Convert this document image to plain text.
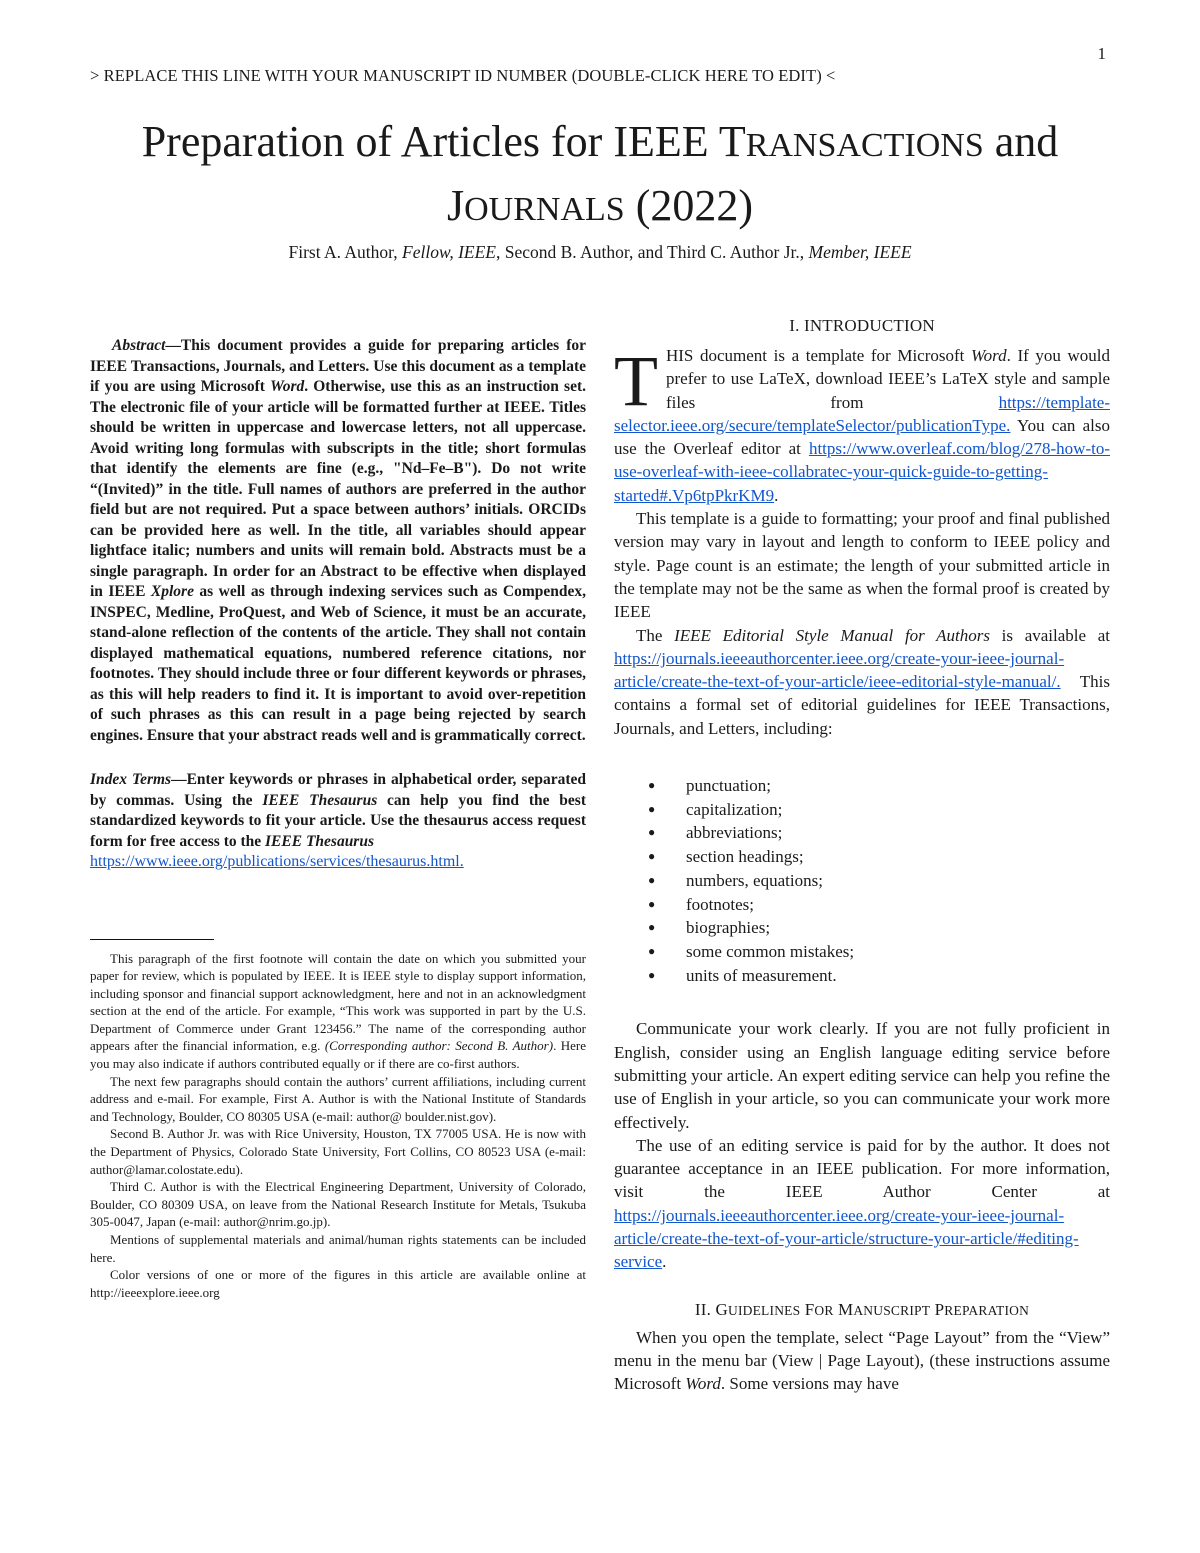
1
> REPLACE THIS LINE WITH YOUR MANUSCRIPT ID NUMBER (DOUBLE-CLICK HERE TO EDIT) <
Preparation of Articles for IEEE TRANSACTIONS and
JOURNALS (2022)
First A. Author, Fellow, IEEE, Second B. Author, and Third C. Author Jr., Member, IEEE

Abstract—This document provides a guide for preparing articles for IEEE Transactions, Journals, and Letters. Use this document as a template if you are using Microsoft Word. Otherwise, use this as an instruction set. The electronic file of your article will be formatted further at IEEE. Titles should be written in uppercase and lowercase letters, not all uppercase. Avoid writing long formulas with subscripts in the title; short formulas that identify the elements are fine (e.g., "Nd–Fe–B"). Do not write “(Invited)” in the title. Full names of authors are preferred in the author field but are not required. Put a space between authors’ initials. ORCIDs can be provided here as well. In the title, all variables should appear lightface italic; numbers and units will remain bold. Abstracts must be a single paragraph. In order for an Abstract to be effective when displayed in IEEE Xplore as well as through indexing services such as Compendex, INSPEC, Medline, ProQuest, and Web of Science, it must be an accurate, stand-alone reflection of the contents of the article. They shall not contain displayed mathematical equations, numbered reference citations, nor footnotes. They should include three or four different keywords or phrases, as this will help readers to find it. It is important to avoid over-repetition of such phrases as this can result in a page being rejected by search engines. Ensure that your abstract reads well and is grammatically correct.

Index Terms—Enter keywords or phrases in alphabetical order, separated by commas. Using the IEEE Thesaurus can help you find the best standardized keywords to fit your article. Use the thesaurus access request form for free access to the IEEE Thesaurus
https://www.ieee.org/publications/services/thesaurus.html.

This paragraph of the first footnote will contain the date on which you submitted your paper for review, which is populated by IEEE. It is IEEE style to display support information, including sponsor and financial support acknowledgment, here and not in an acknowledgment section at the end of the article. For example, “This work was supported in part by the U.S. Department of Commerce under Grant 123456.” The name of the corresponding author appears after the financial information, e.g. (Corresponding author: Second B. Author). Here you may also indicate if authors contributed equally or if there are co-first authors.

The next few paragraphs should contain the authors’ current affiliations, including current address and e-mail. For example, First A. Author is with the National Institute of Standards and Technology, Boulder, CO 80305 USA (e-mail: author@ boulder.nist.gov).

Second B. Author Jr. was with Rice University, Houston, TX 77005 USA. He is now with the Department of Physics, Colorado State University, Fort Collins, CO 80523 USA (e-mail: author@lamar.colostate.edu).

Third C. Author is with the Electrical Engineering Department, University of Colorado, Boulder, CO 80309 USA, on leave from the National Research Institute for Metals, Tsukuba 305-0047, Japan (e-mail: author@nrim.go.jp).

Mentions of supplemental materials and animal/human rights statements can be included here.

Color versions of one or more of the figures in this article are available online at http://ieeexplore.ieee.org

I. INTRODUCTION

THIS document is a template for Microsoft Word. If you would prefer to use LaTeX, download IEEE’s LaTeX style and sample files from https://template-selector.ieee.org/secure/templateSelector/publicationType. You can also use the Overleaf editor at https://www.overleaf.com/blog/278-how-to-use-overleaf-with-ieee-collabratec-your-quick-guide-to-getting-started#.Vp6tpPkrKM9.

This template is a guide to formatting; your proof and final published version may vary in layout and length to conform to IEEE policy and style. Page count is an estimate; the length of your submitted article in the template may not be the same as when the formal proof is created by IEEE

The IEEE Editorial Style Manual for Authors is available at https://journals.ieeeauthorcenter.ieee.org/create-your-ieee-journal-article/create-the-text-of-your-article/ieee-editorial-style-manual/. This contains a formal set of editorial guidelines for IEEE Transactions, Journals, and Letters, including:

● punctuation;
● capitalization;
● abbreviations;
● section headings;
● numbers, equations;
● footnotes;
● biographies;
● some common mistakes;
● units of measurement.

Communicate your work clearly. If you are not fully proficient in English, consider using an English language editing service before submitting your article. An expert editing service can help you refine the use of English in your article, so you can communicate your work more effectively.

The use of an editing service is paid for by the author. It does not guarantee acceptance in an IEEE publication. For more information, visit the IEEE Author Center at https://journals.ieeeauthorcenter.ieee.org/create-your-ieee-journal-article/create-the-text-of-your-article/structure-your-article/#editing-service.

II. GUIDELINES FOR MANUSCRIPT PREPARATION

When you open the template, select “Page Layout” from the “View” menu in the menu bar (View | Page Layout), (these instructions assume Microsoft Word. Some versions may have
